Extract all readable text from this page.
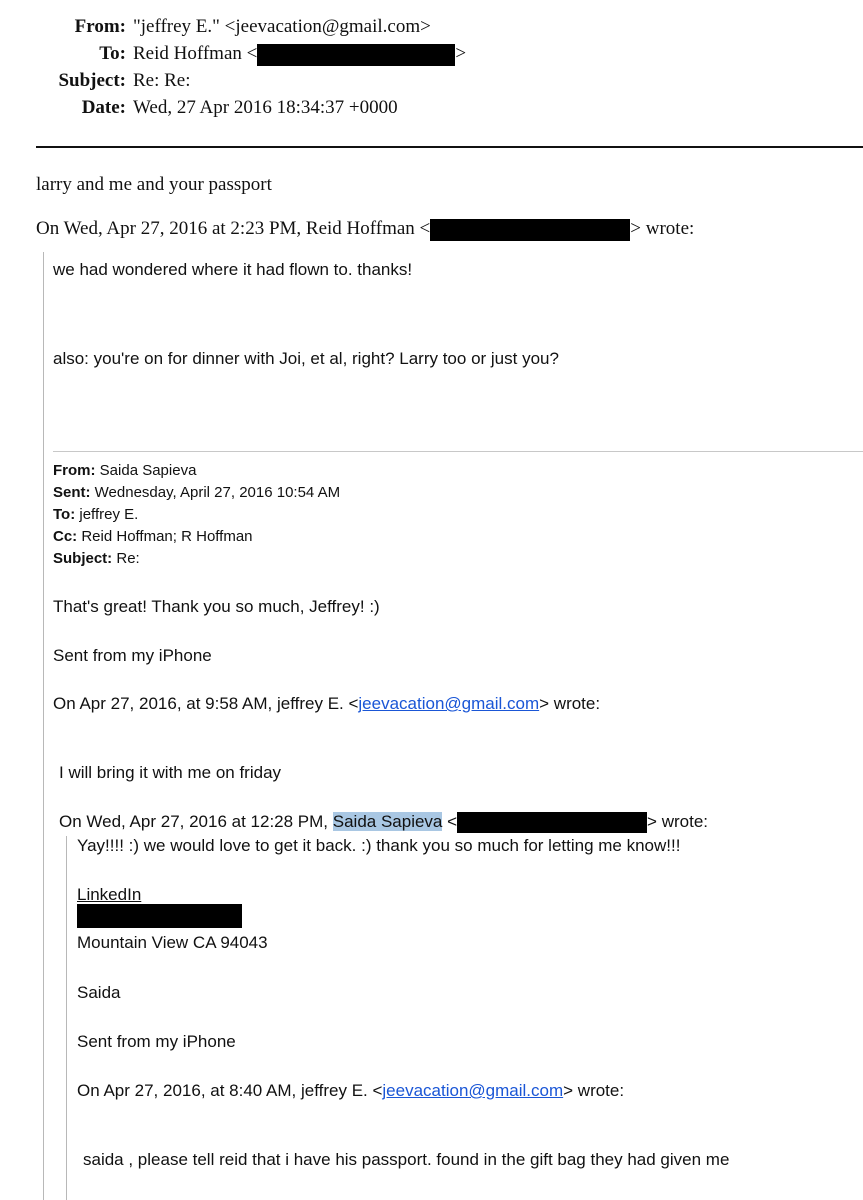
From: "jeffrey E." <jeevacation@gmail.com>
To: Reid Hoffman <	>
Subject: Re: Re:
Date: Wed, 27 Apr 2016 18:34:37 +0000
larry and me and your passport
On Wed, Apr 27, 2016 at 2:23 PM, Reid Hoffman <	> wrote:
we had wondered where it had flown to. thanks!
also: you're on for dinner with Joi, et al, right? Larry too or just you?
From: Saida Sapieva
Sent: Wednesday, April 27, 2016 10:54 AM
To: jeffrey E.
Cc: Reid Hoffman; R Hoffman
Subject: Re:
That's great! Thank you so much, Jeffrey! :)
Sent from my iPhone
On Apr 27, 2016, at 9:58 AM, jeffrey E. <jeevacation@gmail.com> wrote:
I will bring it with me on friday
On Wed, Apr 27, 2016 at 12:28 PM, Saida Sapieva <	> wrote:
Yay!!!! :) we would love to get it back. :) thank you so much for letting me know!!!
LinkedIn
Mountain View CA 94043
Saida
Sent from my iPhone
On Apr 27, 2016, at 8:40 AM, jeffrey E. <jeevacation@gmail.com> wrote:
saida , please tell reid that i have his passport. found in the gift bag they had given me
